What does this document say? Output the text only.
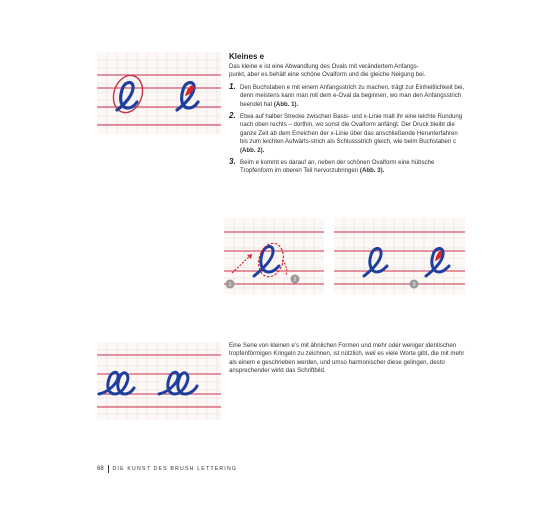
Kleines e

Das kleine e ist eine Abwandlung des Ovals mit verändertem Anfangs-
punkt, aber es behält eine schöne Ovalform und die gleiche Neigung bei.

1. Den Buchstaben e mit einem Anfangsstrich zu machen, trägt zur Einheitlichkeit bei, denn meistens kann man mit dem e-Oval da beginnen, wo man den Anfangsstrich beendet hat (Abb. 1).
2. Etwa auf halber Strecke zwischen Basis- und x-Linie malt ihr eine leichte Rundung nach oben rechts – dorthin, wo sonst die Ovalform anfängt. Der Druck bleibt die ganze Zeit ab dem Erreichen der x-Linie über das anschließende Herunterfahren bis zum leichten Aufwärts-strich als Schlussstrich gleich, wie beim Buchstaben c (Abb. 2).
3. Beim e kommt es darauf an, neben der schönen Ovalform eine hübsche Tropfenform im oberen Teil hervorzubringen (Abb. 3).
1
2
3
Eine Serie von kleinen e’s mit ähnlichen Formen und mehr oder weniger identischen tropfenförmigen Kringeln zu zeichnen, ist nützlich, weil es viele Worte gibt, die mit mehr als einem e geschrieben werden, und umso harmonischer diese gelingen, desto ansprechender wirkt das Schriftbild.
68 DIE KUNST DES BRUSH LETTERING
